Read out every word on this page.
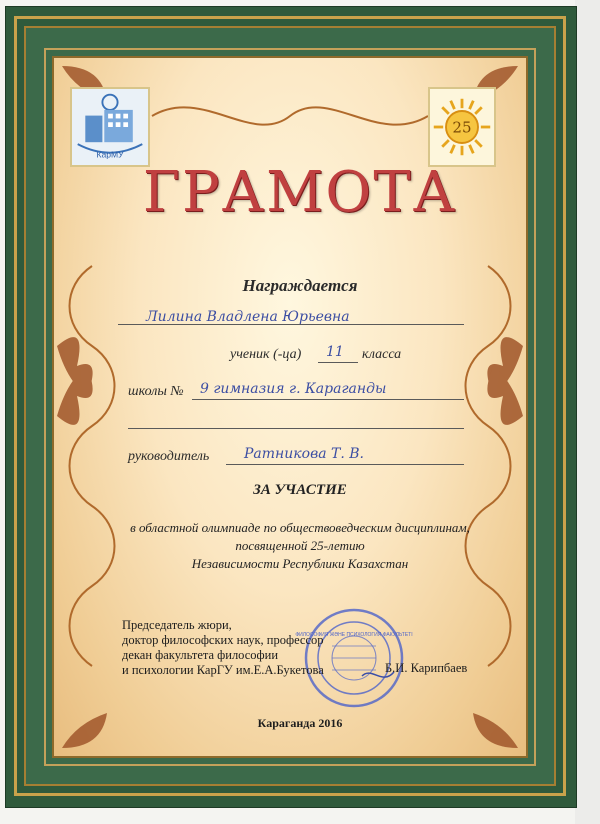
КарМУ
25
ГРАМОТА
Награждается
Лилина Владлена Юрьевна
ученик (-ца) 11 класса
школы № 9 гимназия г. Караганды
руководитель Ратникова Т. В.
ЗА УЧАСТИЕ
в областной олимпиаде по обществоведческим дисциплинам,
посвященной 25-летию
Независимости Республики Казахстан
ФИЛОСОФИЯ ЖӘНЕ ПСИХОЛОГИЯ ФАКУЛЬТЕТІ
Председатель жюри,
доктор философских наук, профессор
декан факультета философии
и психологии КарГУ им.Е.А.Букетова	Б.И. Карипбаев
Караганда 2016
